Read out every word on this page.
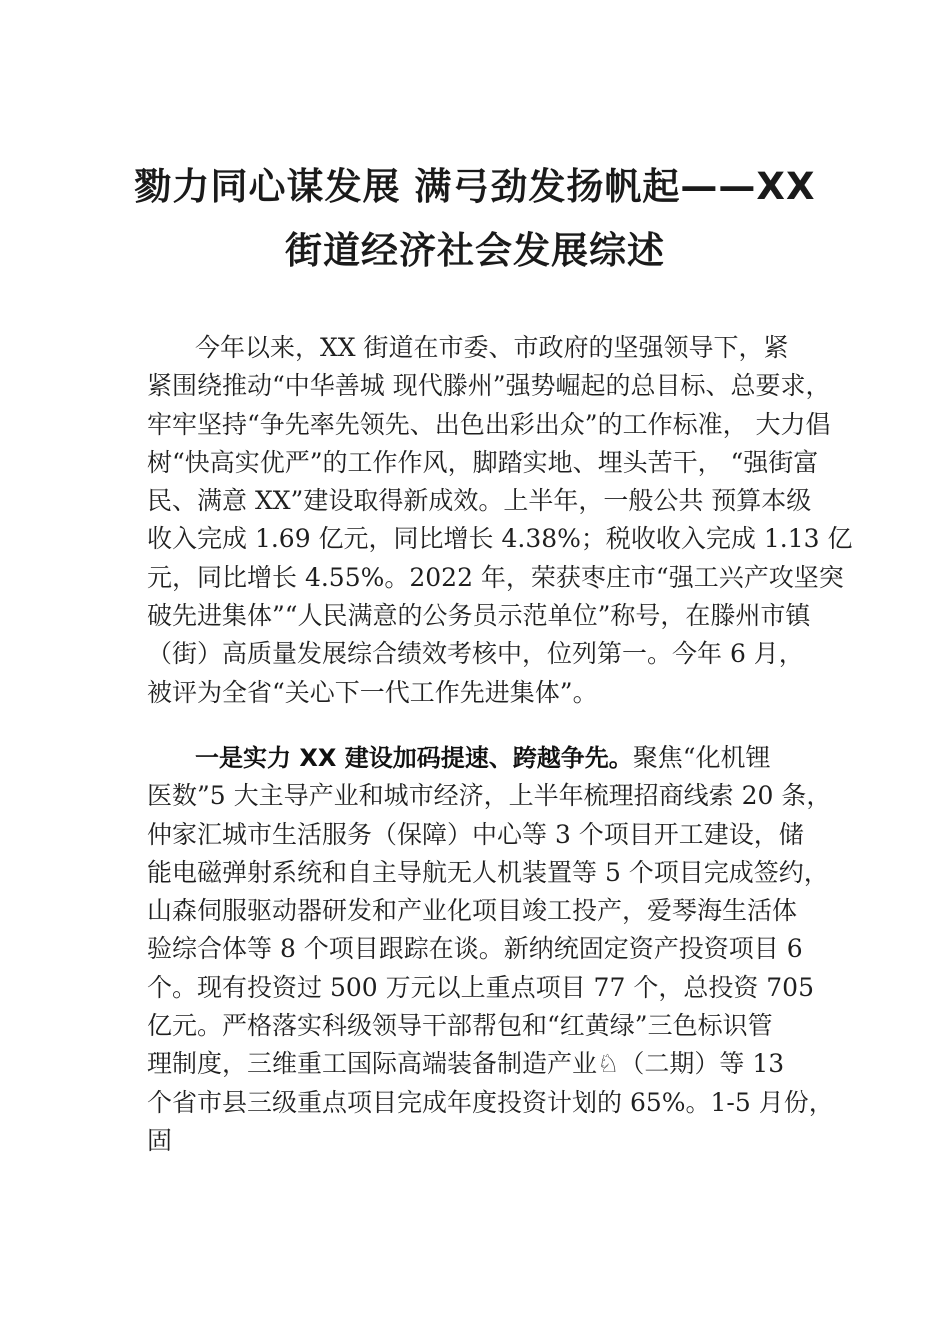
勠力同心谋发展 满弓劲发扬帆起——XX
街道经济社会发展综述
今年以来，XX 街道在市委、市政府的坚强领导下，紧
紧围绕推动“中华善城 现代滕州”强势崛起的总目标、总要求，
牢牢坚持“争先率先领先、出色出彩出众”的工作标准， 大力倡
树“快高实优严”的工作作风，脚踏实地、埋头苦干， “强街富
民、满意 XX”建设取得新成效。上半年，一般公共 预算本级
收入完成 1.69 亿元，同比增长 4.38%；税收收入完成 1.13 亿
元，同比增长 4.55%。2022 年，荣获枣庄市“强工兴产攻坚突
破先进集体”“人民满意的公务员示范单位”称号，在滕州市镇
（街）高质量发展综合绩效考核中，位列第一。今年 6 月，
被评为全省“关心下一代工作先进集体”。
一是实力 XX 建设加码提速、跨越争先。聚焦“化机锂
医数”5 大主导产业和城市经济，上半年梳理招商线索 20 条，
仲家汇城市生活服务（保障）中心等 3 个项目开工建设，储
能电磁弹射系统和自主导航无人机装置等 5 个项目完成签约，
山森伺服驱动器研发和产业化项目竣工投产，爱琴海生活体
验综合体等 8 个项目跟踪在谈。新纳统固定资产投资项目 6
个。现有投资过 500 万元以上重点项目 77 个，总投资 705
亿元。严格落实科级领导干部帮包和“红黄绿”三色标识管
理制度，三维重工国际高端装备制造产业♘（二期）等 13
个省市县三级重点项目完成年度投资计划的 65%。1-5 月份，
固
